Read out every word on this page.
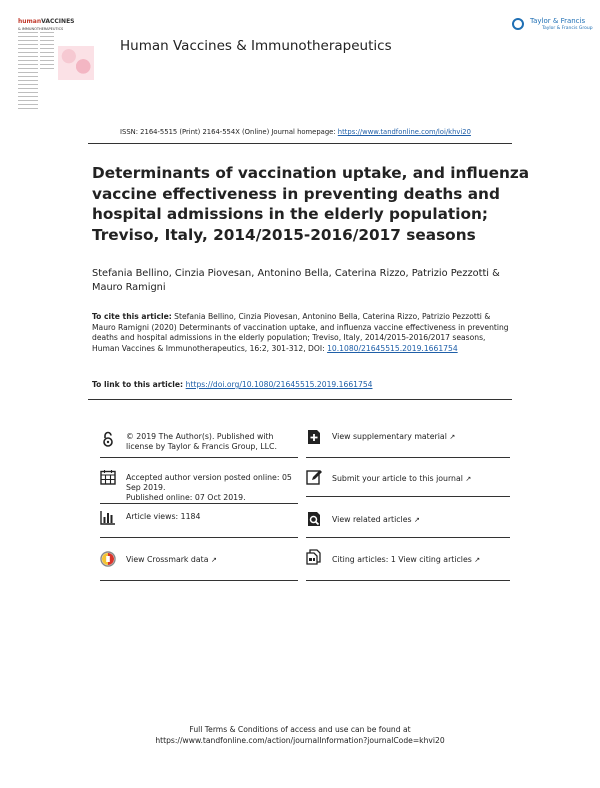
humanVACCINES
& IMMUNOTHERAPEUTICS
Human Vaccines & Immunotherapeutics
Taylor & Francis
Taylor & Francis Group
ISSN: 2164-5515 (Print) 2164-554X (Online) Journal homepage: https://www.tandfonline.com/loi/khvi20
Determinants of vaccination uptake, and influenza vaccine effectiveness in preventing deaths and hospital admissions in the elderly population; Treviso, Italy, 2014/2015-2016/2017 seasons
Stefania Bellino, Cinzia Piovesan, Antonino Bella, Caterina Rizzo, Patrizio Pezzotti & Mauro Ramigni
To cite this article: Stefania Bellino, Cinzia Piovesan, Antonino Bella, Caterina Rizzo, Patrizio Pezzotti & Mauro Ramigni (2020) Determinants of vaccination uptake, and influenza vaccine effectiveness in preventing deaths and hospital admissions in the elderly population; Treviso, Italy, 2014/2015-2016/2017 seasons, Human Vaccines & Immunotherapeutics, 16:2, 301-312, DOI: 10.1080/21645515.2019.1661754
To link to this article: https://doi.org/10.1080/21645515.2019.1661754
© 2019 The Author(s). Published with license by Taylor & Francis Group, LLC.
View supplementary material ↗
Accepted author version posted online: 05 Sep 2019.
Published online: 07 Oct 2019.
Submit your article to this journal ↗
Article views: 1184	View related articles ↗
View Crossmark data ↗	Citing articles: 1 View citing articles ↗
Full Terms & Conditions of access and use can be found at
https://www.tandfonline.com/action/journalInformation?journalCode=khvi20
